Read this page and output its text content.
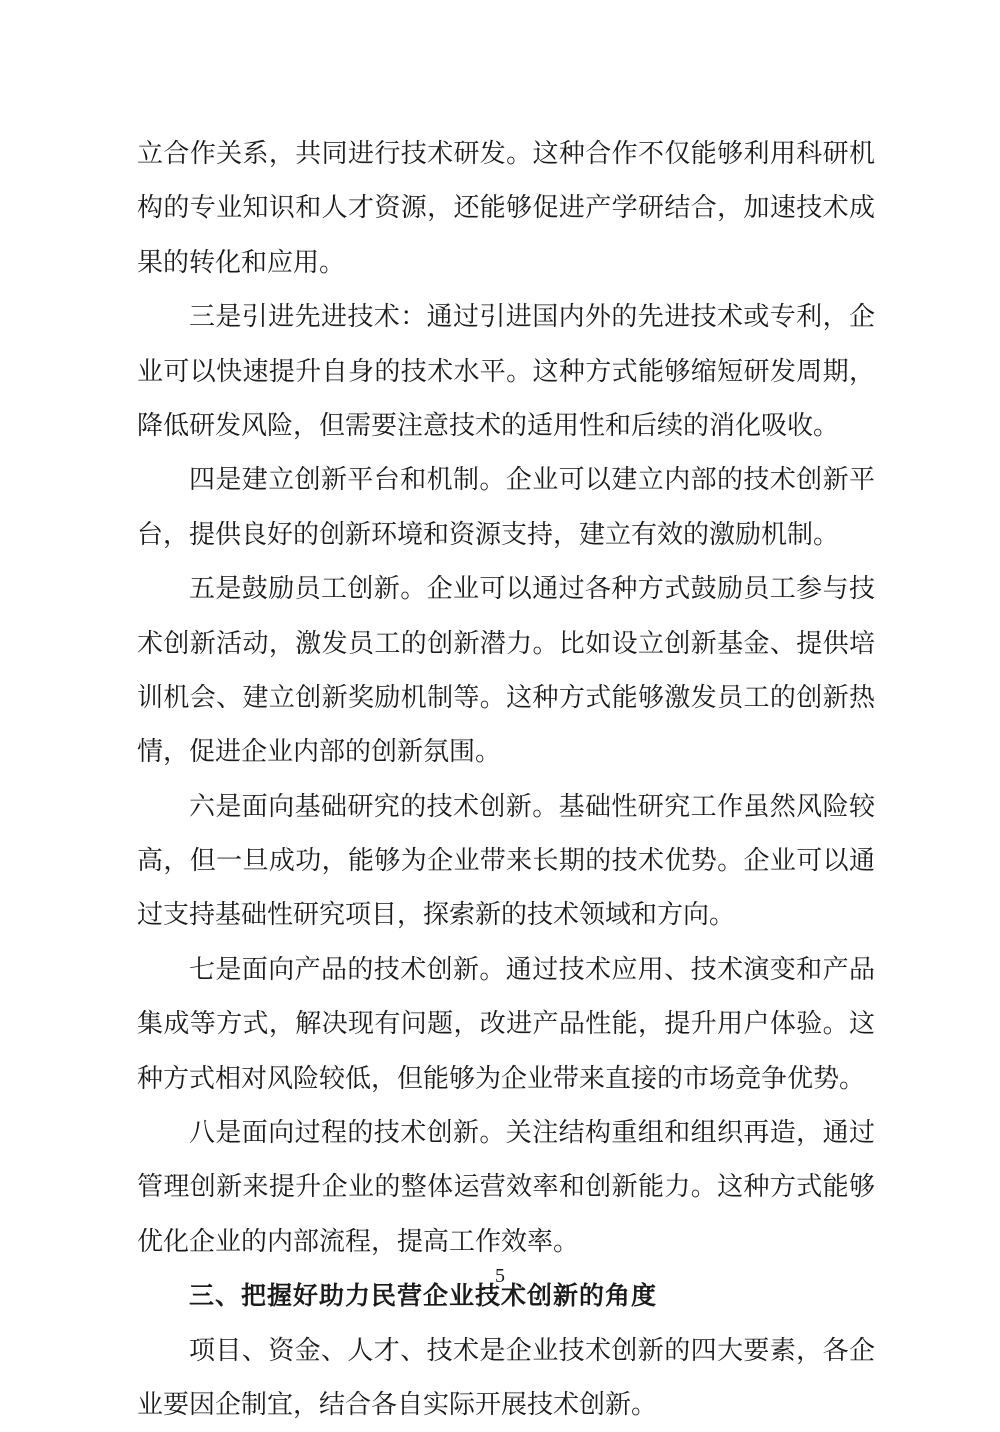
立合作关系，共同进行技术研发。这种合作不仅能够利用科研机
构的专业知识和人才资源，还能够促进产学研结合，加速技术成
果的转化和应用。
三是引进先进技术：通过引进国内外的先进技术或专利，企
业可以快速提升自身的技术水平。这种方式能够缩短研发周期，
降低研发风险，但需要注意技术的适用性和后续的消化吸收。
四是建立创新平台和机制。企业可以建立内部的技术创新平
台，提供良好的创新环境和资源支持，建立有效的激励机制。
五是鼓励员工创新。企业可以通过各种方式鼓励员工参与技
术创新活动，激发员工的创新潜力。比如设立创新基金、提供培
训机会、建立创新奖励机制等。这种方式能够激发员工的创新热
情，促进企业内部的创新氛围。
六是面向基础研究的技术创新。基础性研究工作虽然风险较
高，但一旦成功，能够为企业带来长期的技术优势。企业可以通
过支持基础性研究项目，探索新的技术领域和方向。
七是面向产品的技术创新。通过技术应用、技术演变和产品
集成等方式，解决现有问题，改进产品性能，提升用户体验。这
种方式相对风险较低，但能够为企业带来直接的市场竞争优势。
八是面向过程的技术创新。关注结构重组和组织再造，通过
管理创新来提升企业的整体运营效率和创新能力。这种方式能够
优化企业的内部流程，提高工作效率。
三、把握好助力民营企业技术创新的角度
项目、资金、人才、技术是企业技术创新的四大要素，各企
业要因企制宜，结合各自实际开展技术创新。
5
